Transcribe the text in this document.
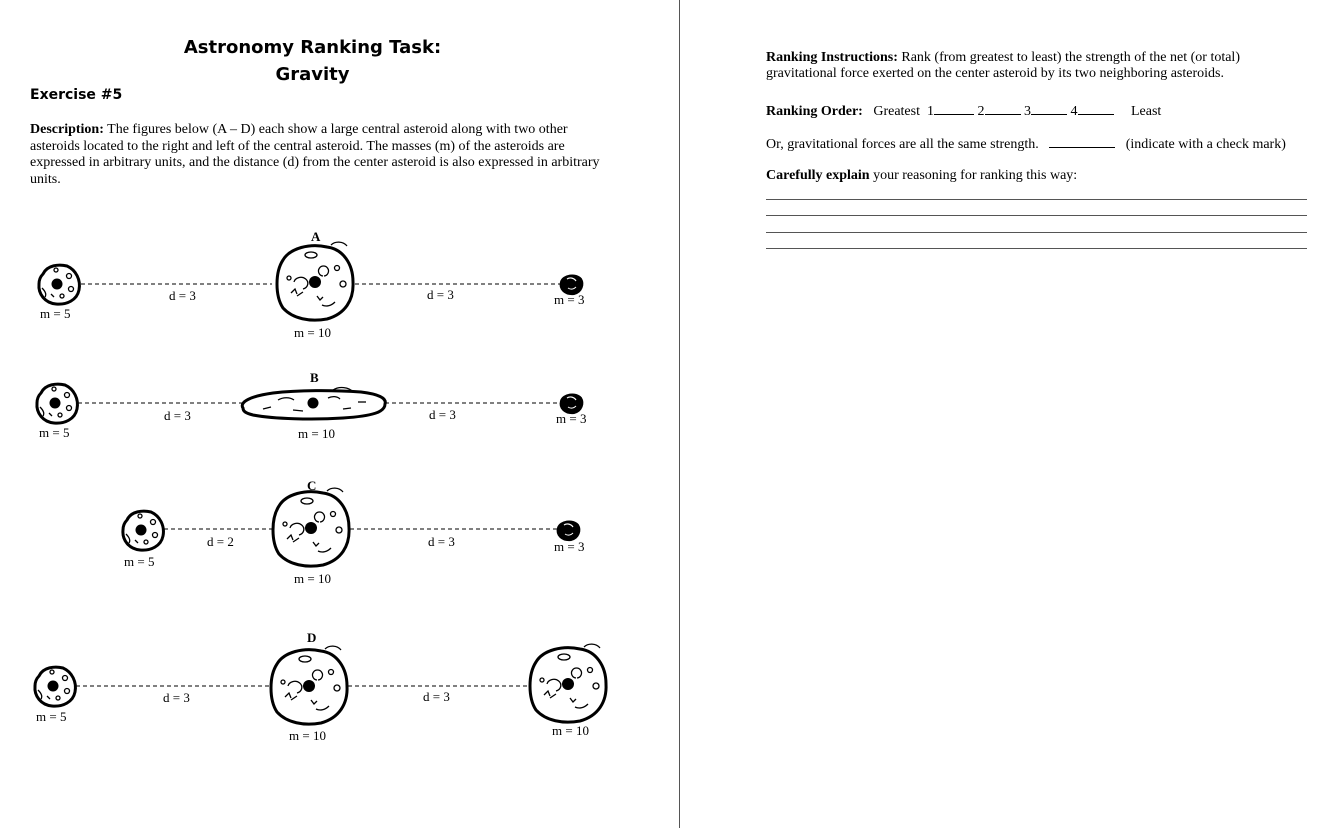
Astronomy Ranking Task:
Gravity
Exercise #5
Description: The figures below (A – D) each show a large central asteroid along with two other asteroids located to the right and left of the central asteroid. The masses (m) of the asteroids are expressed in arbitrary units, and the distance (d) from the center asteroid is also expressed in arbitrary units.
A
m = 5
d = 3
m = 10
d = 3	m = 3
B
m = 5
d = 3
m = 10
d = 3	m = 3
C
m = 5
d = 2
m = 10
d = 3	m = 3
D
m = 5
d = 3
m = 10
d = 3
m = 10
Ranking Instructions: Rank (from greatest to least) the strength of the net (or total) gravitational force exerted on the center asteroid by its two neighboring asteroids.
Ranking Order: Greatest 1	2	3	4	Least
Or, gravitational forces are all the same strength.	(indicate with a check mark)
Carefully explain your reasoning for ranking this way:
